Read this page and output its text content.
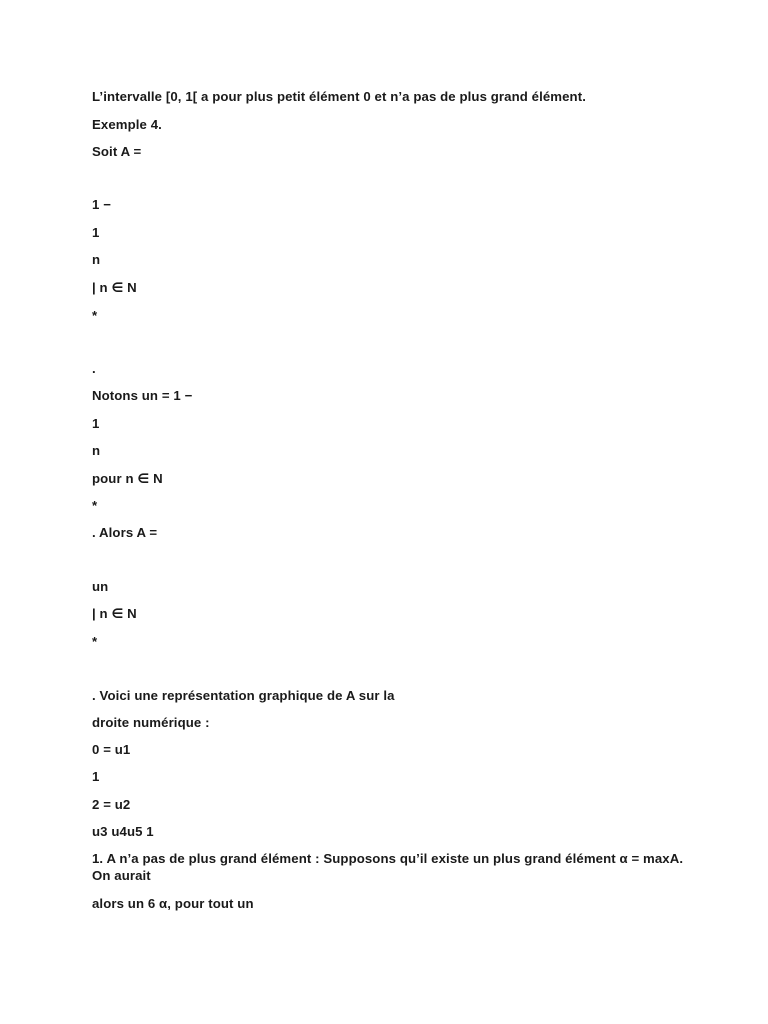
L’intervalle [0, 1[ a pour plus petit élément 0 et n’a pas de plus grand élément.
Exemple 4.
Soit A =
1 −
1
n
| n ∈ N
*
.
Notons un = 1 −
1
n
pour n ∈ N
*
. Alors A =
un
| n ∈ N
*
. Voici une représentation graphique de A sur la
droite numérique :
0 = u1
1
2 = u2
u3 u4u5 1
1. A n’a pas de plus grand élément : Supposons qu’il existe un plus grand élément α = maxA. On aurait
alors un 6 α, pour tout un
